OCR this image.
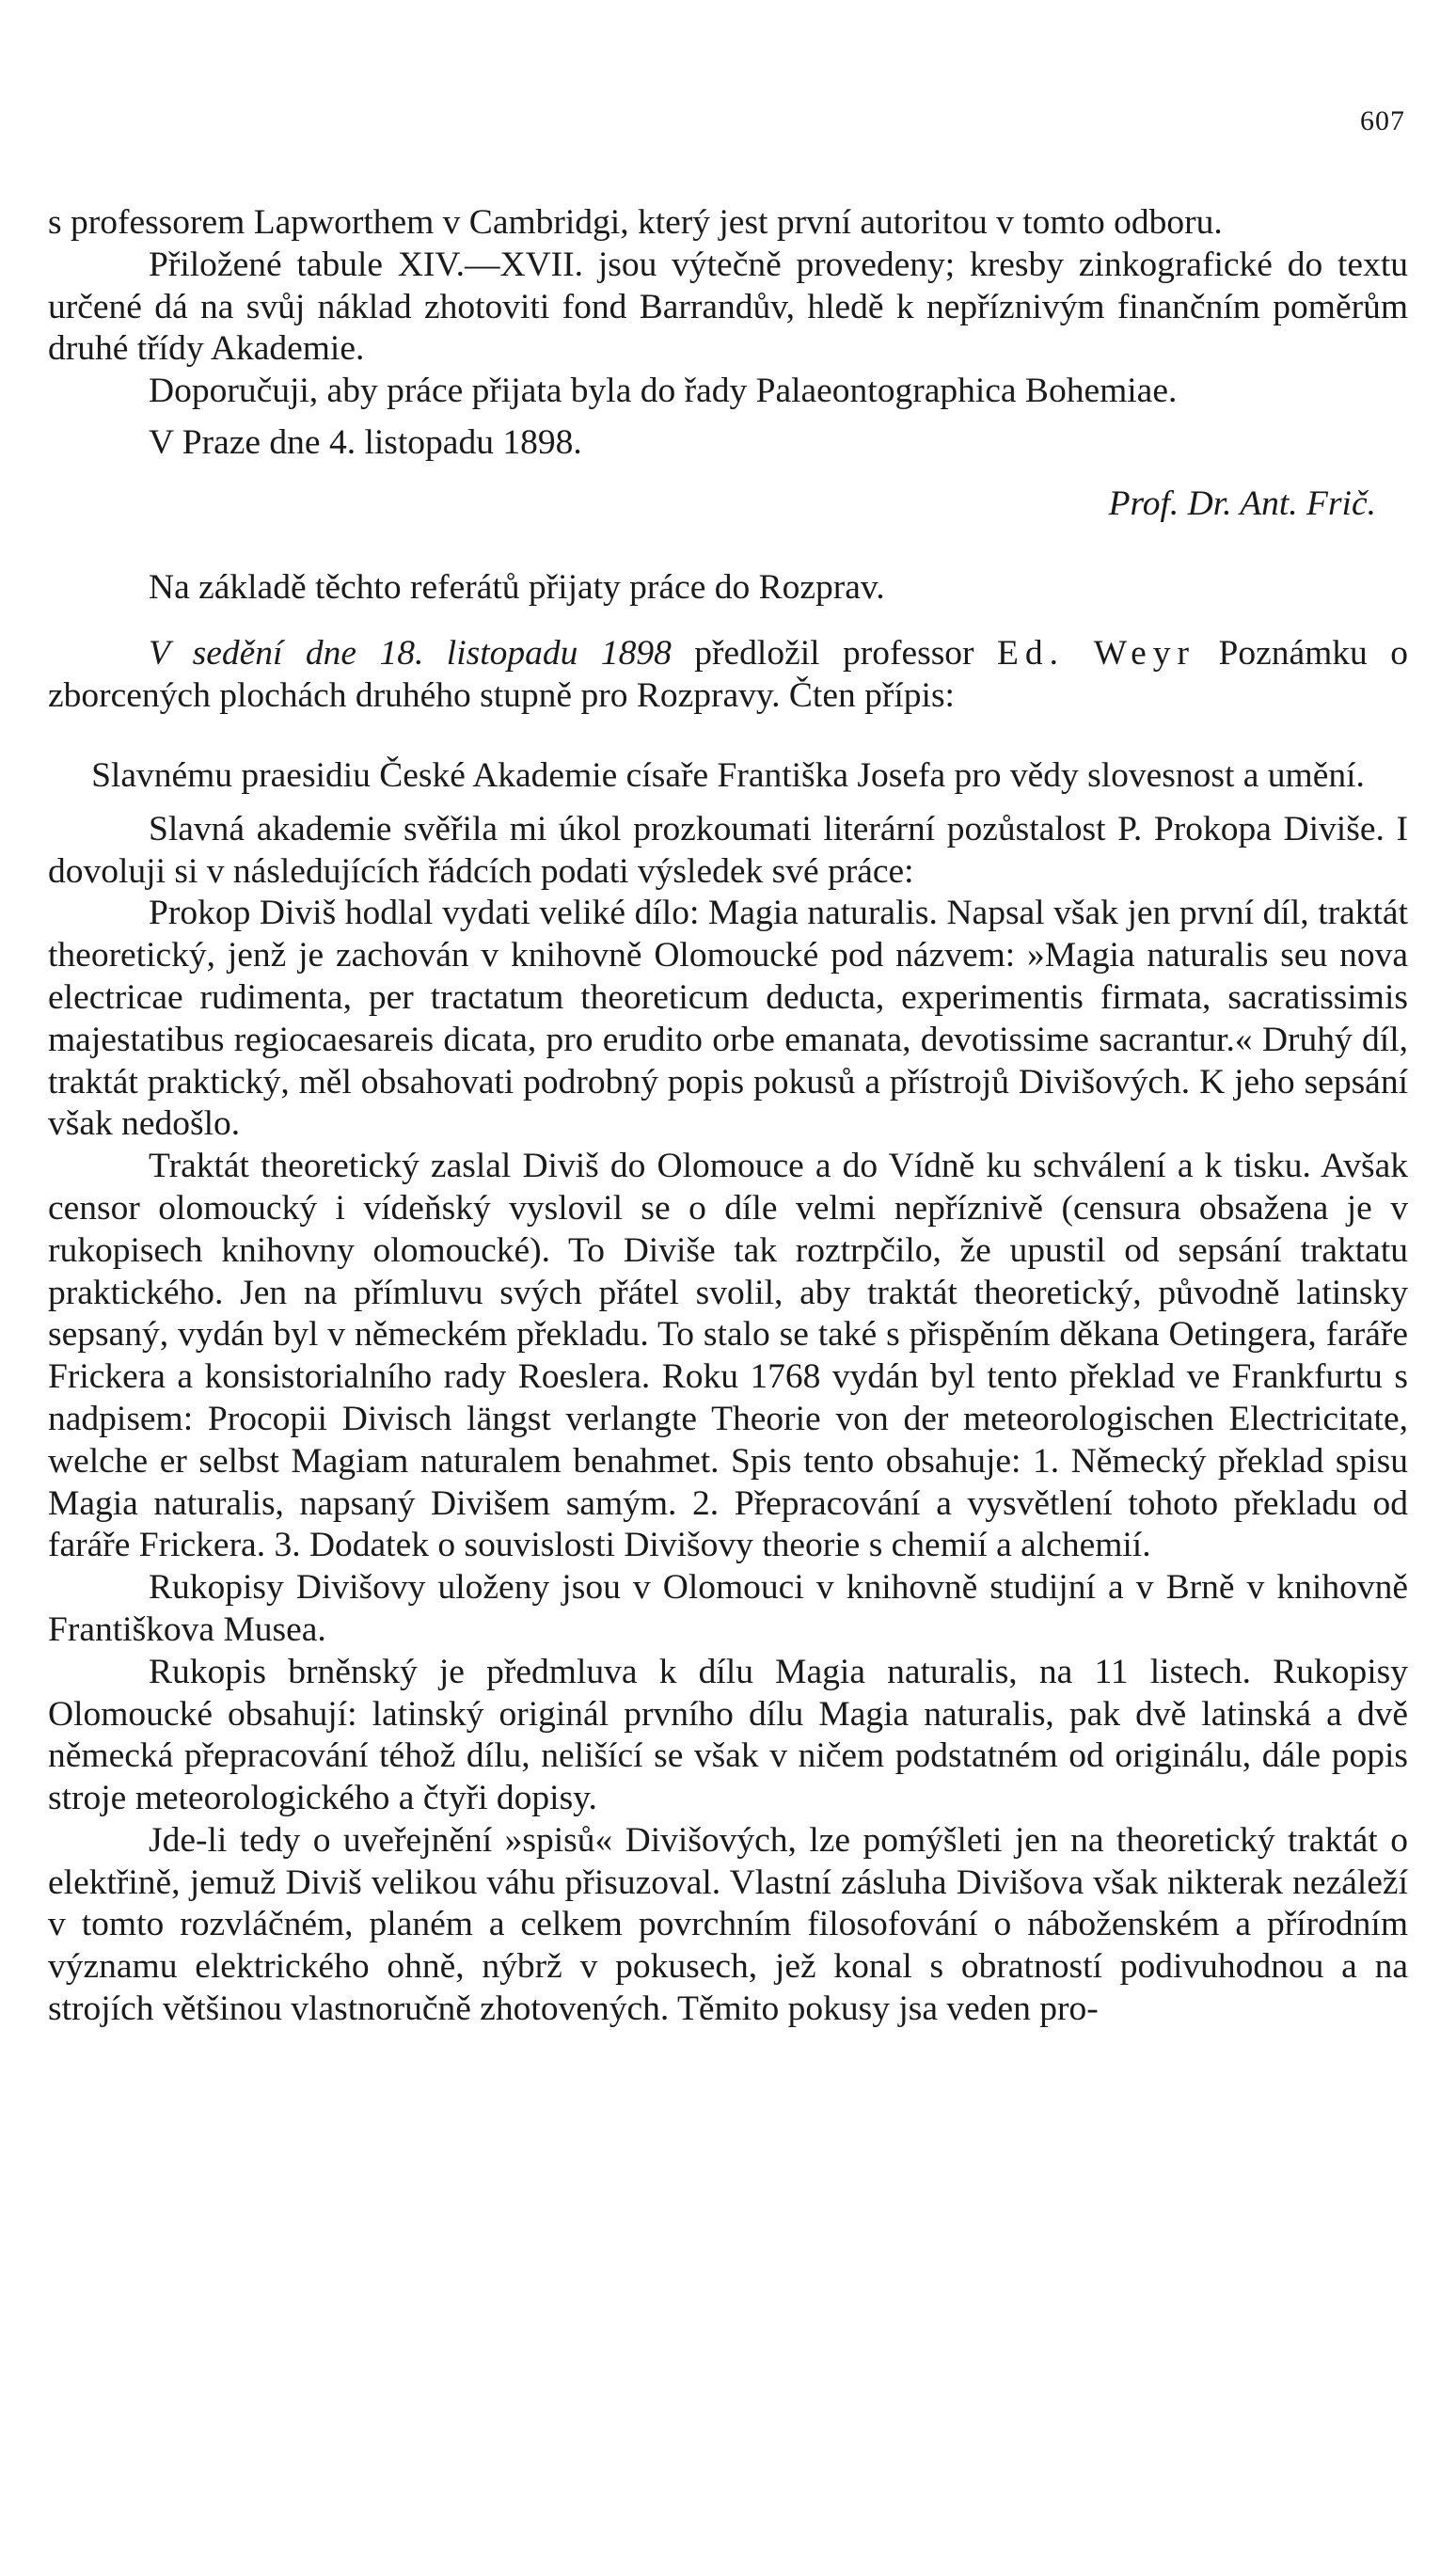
607

s professorem Lapworthem v Cambridgi, který jest první autoritou v tomto odboru.

Přiložené tabule XIV.—XVII. jsou výtečně provedeny; kresby zinkografické do textu určené dá na svůj náklad zhotoviti fond Barrandův, hledě k nepříznivým finančním poměrům druhé třídy Akademie.

Doporučuji, aby práce přijata byla do řady Palaeontographica Bohemiae.

V Praze dne 4. listopadu 1898.

Prof. Dr. Ant. Frič.

Na základě těchto referátů přijaty práce do Rozprav.

V sedění dne 18. listopadu 1898 předložil professor Ed. Weyr Poznámku o zborcených plochách druhého stupně pro Rozpravy. Čten přípis:

Slavnému praesidiu České Akademie císaře Františka Josefa pro vědy slovesnost a umění.

Slavná akademie svěřila mi úkol prozkoumati literární pozůstalost P. Prokopa Diviše. I dovoluji si v následujících řádcích podati výsledek své práce:

Prokop Diviš hodlal vydati veliké dílo: Magia naturalis. Napsal však jen první díl, traktát theoretický, jenž je zachován v knihovně Olomoucké pod názvem: »Magia naturalis seu nova electricae rudimenta, per tractatum theoreticum deducta, experimentis firmata, sacratissimis majestatibus regiocaesareis dicata, pro erudito orbe emanata, devotissime sacrantur.« Druhý díl, traktát praktický, měl obsahovati podrobný popis pokusů a přístrojů Divišových. K jeho sepsání však nedošlo.

Traktát theoretický zaslal Diviš do Olomouce a do Vídně ku schválení a k tisku. Avšak censor olomoucký i vídeňský vyslovil se o díle velmi nepříznivě (censura obsažena je v rukopisech knihovny olomoucké). To Diviše tak roztrpčilo, že upustil od sepsání traktatu praktického. Jen na přímluvu svých přátel svolil, aby traktát theoretický, původně latinsky sepsaný, vydán byl v německém překladu. To stalo se také s přispěním děkana Oetingera, faráře Frickera a konsistorialního rady Roeslera. Roku 1768 vydán byl tento překlad ve Frankfurtu s nadpisem: Procopii Divisch längst verlangte Theorie von der meteorologischen Electricitate, welche er selbst Magiam naturalem benahmet. Spis tento obsahuje: 1. Německý překlad spisu Magia naturalis, napsaný Divišem samým. 2. Přepracování a vysvětlení tohoto překladu od faráře Frickera. 3. Dodatek o souvislosti Divišovy theorie s chemií a alchemií.

Rukopisy Divišovy uloženy jsou v Olomouci v knihovně studijní a v Brně v knihovně Františkova Musea.

Rukopis brněnský je předmluva k dílu Magia naturalis, na 11 listech. Rukopisy Olomoucké obsahují: latinský originál prvního dílu Magia naturalis, pak dvě latinská a dvě německá přepracování téhož dílu, nelišící se však v ničem podstatném od originálu, dále popis stroje meteorologického a čtyři dopisy.

Jde-li tedy o uveřejnění »spisů« Divišových, lze pomýšleti jen na theoretický traktát o elektřině, jemuž Diviš velikou váhu přisuzoval. Vlastní zásluha Divišova však nikterak nezáleží v tomto rozvláčném, planém a celkem povrchním filosofování o náboženském a přírodním významu elektrického ohně, nýbrž v pokusech, jež konal s obratností podivuhodnou a na strojích většinou vlastnoručně zhotovených. Těmito pokusy jsa veden pro-
